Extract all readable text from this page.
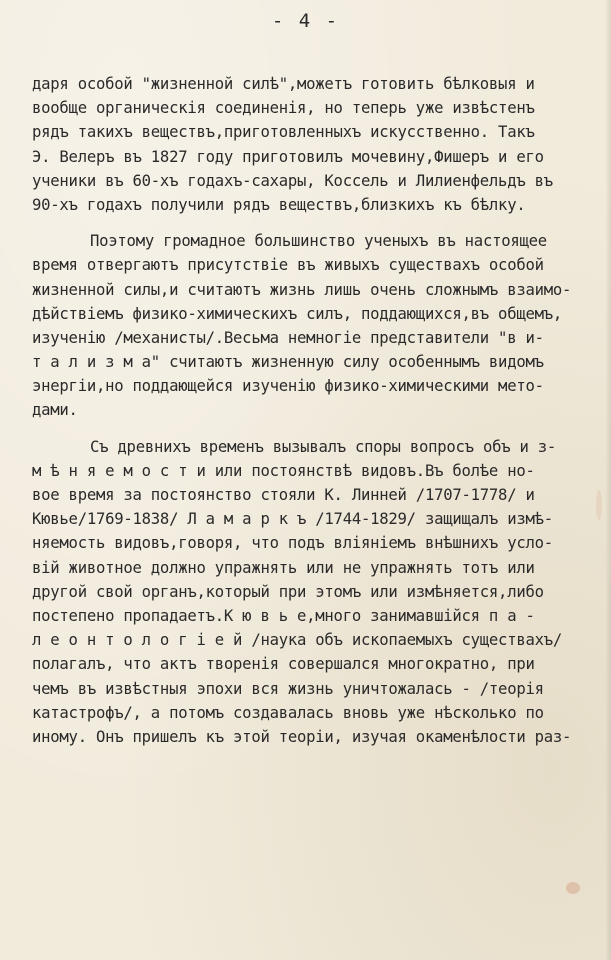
- 4 -
даря особой "жизненной силѣ",можетъ готовить бѣлковыя и
вообще органическія соединенія, но теперь уже извѣстенъ
рядъ такихъ веществъ,приготовленныхъ искусственно. Такъ
Э. Велеръ въ 1827 году приготовилъ мочевину,Фишеръ и его
ученики въ 60-хъ годахъ-сахары, Коссель и Лилиенфельдъ въ
90-хъ годахъ получили рядъ веществъ,близкихъ къ бѣлку.
Поэтому громадное большинство ученыхъ въ настоящее
время отвергаютъ присутствіе въ живыхъ существахъ особой
жизненной силы,и считаютъ жизнь лишь очень сложнымъ взаимо-
дѣйствіемъ физико-химическихъ силъ, поддающихся,въ общемъ,
изученію /механисты/.Весьма немногіе представители "в и-
т а л и з м а" считаютъ жизненную силу особеннымъ видомъ
энергіи,но поддающейся изученію физико-химическими мето-
дами.
Съ древнихъ временъ вызывалъ споры вопросъ объ и з-
м ѣ н я е м о с т и или постоянствѣ видовъ.Въ болѣе но-
вое время за постоянство стояли К. Линней /1707-1778/ и
Кювье/1769-1838/ Л а м а р к ъ /1744-1829/ защищалъ измѣ-
няемость видовъ,говоря, что подъ вліяніемъ внѣшнихъ усло-
вій животное должно упражнять или не упражнять тотъ или
другой свой органъ,который при этомъ или измѣняется,либо
постепено пропадаетъ.К ю в ь е,много занимавшійся п а -
л е о н т о л о г і е й /наука объ ископаемыхъ существахъ/
полагалъ, что актъ творенія совершался многократно, при
чемъ въ извѣстныя эпохи вся жизнь уничтожалась - /теорія
катастрофъ/, а потомъ создавалась вновь уже нѣсколько по
иному. Онъ пришелъ къ этой теоріи, изучая окаменѣлости раз-
